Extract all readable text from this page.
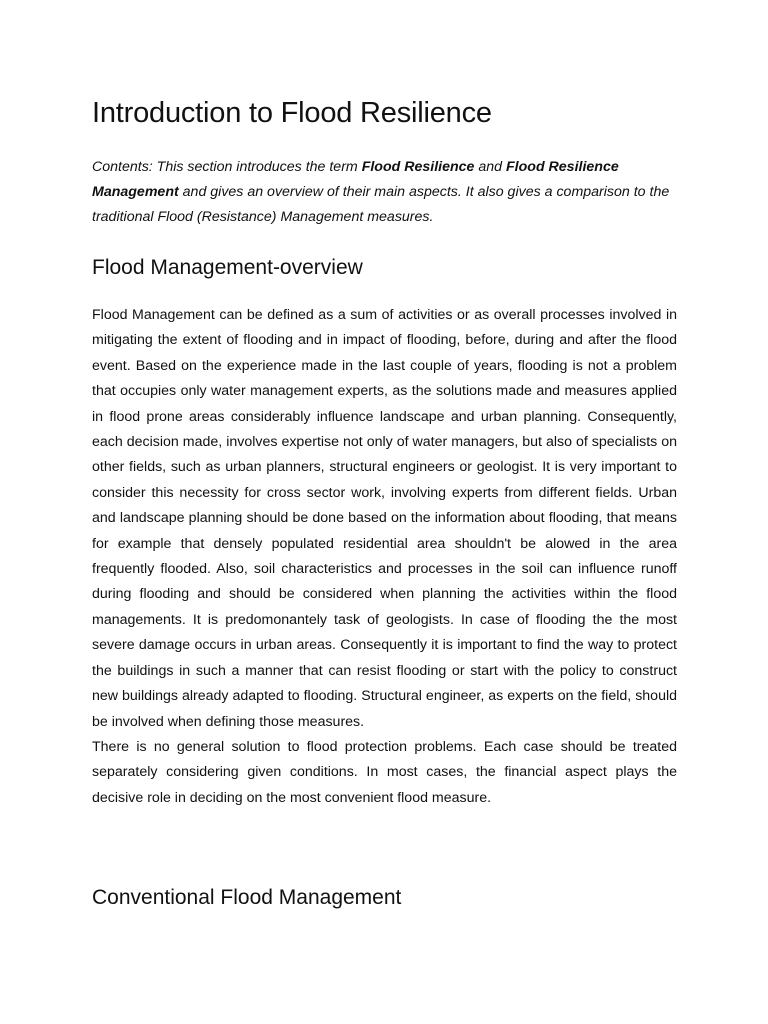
Introduction to Flood Resilience

Contents: This section introduces the term Flood Resilience and Flood Resilience Management and gives an overview of their main aspects. It also gives a comparison to the traditional Flood (Resistance) Management measures.

Flood Management-overview

Flood Management can be defined as a sum of activities or as overall processes involved in mitigating the extent of flooding and in impact of flooding, before, during and after the flood event. Based on the experience made in the last couple of years, flooding is not a problem that occupies only water management experts, as the solutions made and measures applied in flood prone areas considerably influence landscape and urban planning. Consequently, each decision made, involves expertise not only of water managers, but also of specialists on other fields, such as urban planners, structural engineers or geologist. It is very important to consider this necessity for cross sector work, involving experts from different fields. Urban and landscape planning should be done based on the information about flooding, that means for example that densely populated residential area shouldn't be alowed in the area frequently flooded. Also, soil characteristics and processes in the soil can influence runoff during flooding and should be considered when planning the activities within the flood managements. It is predomonantely task of geologists. In case of flooding the the most severe damage occurs in urban areas. Consequently it is important to find the way to protect the buildings in such a manner that can resist flooding or start with the policy to construct new buildings already adapted to flooding. Structural engineer, as experts on the field, should be involved when defining those measures.

There is no general solution to flood protection problems. Each case should be treated separately considering given conditions. In most cases, the financial aspect plays the decisive role in deciding on the most convenient flood measure.

Conventional Flood Management
